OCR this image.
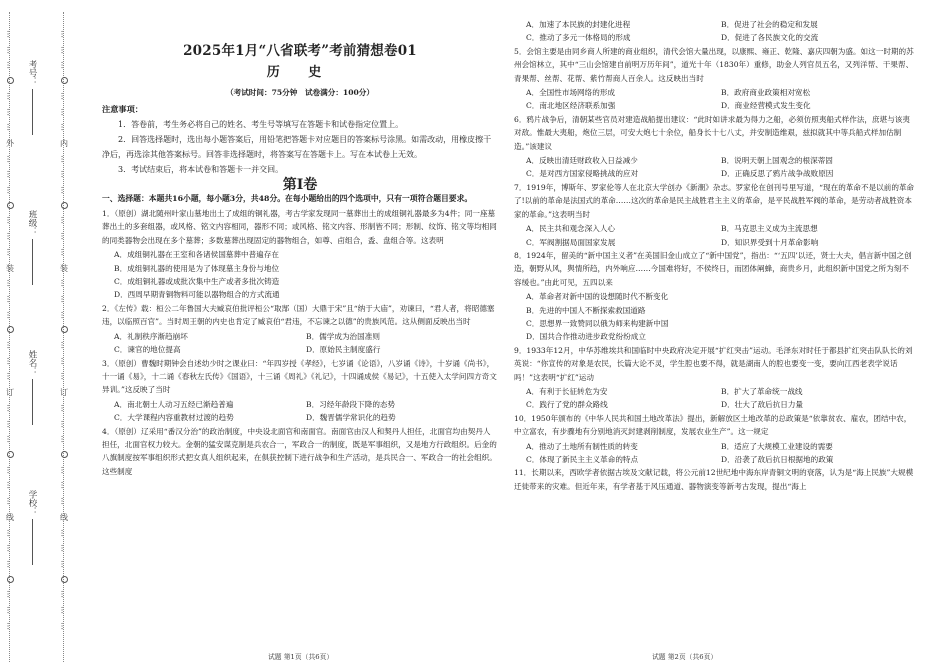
…
…
…
…
…
…
外
…
…
…
…
…
…
装
…
…
…
…
…
…
订
…
…
…
…
…
…
线
…
…
…
…
…
…
…
…
…
…
…
…
内
…
…
…
…
…
…
装
…
…
…
…
…
…
订
…
…
…
…
…
…
线
…
…
…
…
…
…
考号：
班级：
姓名：
学校：
2025年1月“八省联考”考前猜想卷01
历 史
（考试时间：75分钟　试卷满分：100分）
注意事项：

1．答卷前，考生务必将自己的姓名、考生号等填写在答题卡和试卷指定位置上。

2．回答选择题时，选出每小题答案后，用铅笔把答题卡对应题目的答案标号涂黑。如需改动，用橡皮擦干净后，再选涂其他答案标号。回答非选择题时，将答案写在答题卡上。写在本试卷上无效。

3．考试结束后，将本试卷和答题卡一并交回。

第Ⅰ卷
一、选择题：本题共16小题，每小题3分，共48分。在每小题给出的四个选项中，只有一项符合题目要求。
1．（原创）湖北随州叶家山墓地出土了成组的铜礼器，考古学家发现同一墓葬出土的成组铜礼器最多为4件；同一座墓葬出土的多套组器，或风格、铭文内容相同，器形不同；或风格、铭文内容、形制皆不同；形制、纹饰、铭文等均相同的同类器物会出现在多个墓葬；多数墓葬出现固定的器物组合，如尊、卣组合，盉、盘组合等。这表明
A．成组铜礼器在王室和各诸侯国墓葬中普遍存在
B．成组铜礼器的使用是为了体现墓主身份与地位
C．成组铜礼器或成批次集中生产或者多批次铸造
D．西周早期青铜物料可能以器物组合的方式流通
2．《左传》载：桓公二年鲁国大夫臧哀伯批评桓公“取郜（国）大鼎于宋”且“纳于大庙”，劝谏曰，“君人者，将昭德塞违，以临照百官”。当时周王朝的内史也肯定了臧哀伯“君违，不忘谏之以德”的贵族风范。这从侧面反映出当时
A．礼制秩序渐趋崩坏	B．儒学成为治国准则
C．谏官的地位提高	D．原始民主制度盛行
3．（原创）曹魏时期钟会自述幼少时之课业曰：“年四岁授《孝经》，七岁诵《论语》，八岁诵《诗》，十岁诵《尚书》，十一诵《易》，十二诵《春秋左氏传》《国语》，十三诵《周礼》《礼记》，十四诵成侯《易记》，十五使入太学问四方奇文异训。”这反映了当时
A．南北朝士人动习五经已渐趋普遍	B．习经年龄段下降的态势
C．大学课程内容重教材过渡的趋势	D．魏晋儒学常识化的趋势
4．（原创）辽采用“番汉分治”的政治制度，中央设北面官和南面官。南面官由汉人和契丹人担任，北面官均由契丹人担任，北面官权力较大。金朝的猛安谋克制是兵农合一，军政合一的制度，既是军事组织，又是地方行政组织。后金的八旗制度按军事组织形式把女真人组织起来，在俱获控制下进行战争和生产活动，是兵民合一、军政合一的社会组织。这些制度
A．加速了本民族的封建化进程	B．促进了社会的稳定和发展
C．推动了多元一体格局的形成	D．促进了各民族文化的交流
5．会馆主要是由同乡商人所建的商业组织，清代会馆大量出现，以康熙、雍正、乾隆、嘉庆四朝为盛。如这一时期的苏州会馆林立，其中“三山会馆建自前明万历年间”，道光十年（1830年）重修，助金人列官员五名，又列洋帮、干果帮、青果帮、丝帮、花帮、紫竹帮商人百余人。这反映出当时
A．全国性市场网络的形成	B．政府商业政策相对宽松
C．南北地区经济联系加强	D．商业经营模式发生变化
6．鸦片战争后，清朝某些官员对建造战船提出建议：“此时如讲求最为得力之船，必须仿照夷船式样作法，庶堪与该夷对敌。惟最大夷船，炮位三层，可安大炮七十余位，船身长十七八丈，并安制造维艰，兹拟就其中等兵船式样加估制造。”该建议
A．反映出清廷财政收入日益减少	B．说明天朝上国观念的根深蒂固
C．是对西方国家侵略挑战的应对	D．正确反思了鸦片战争战败原因
7．1919年，博斯年、罗家伦等人在北京大学创办《新潮》杂志。罗家伦在创刊号里写道，“现在的革命不是以前的革命了!以前的革命是法国式的革命……这次的革命是民主战胜君主主义的革命，是平民战胜军阀的革命，是劳动者战胜资本家的革命。”这表明当时
A．民主共和观念深入人心	B．马克思主义成为主流思想
C．军阀割据局面国家发展	D．知识界受到十月革命影响
8．1924年，留美的“新中国主义者”在美国旧金山成立了“新中国党”，指出：“‘五四’以还，贤士大夫，倡言新中国之创造，朝野从风，舆情所趋，内外响应……今国难将好，不侯终日，而团体阐蜂，商贵乡月，此组织新中国党之所为刻不容缓也。”由此可见，五四以来
A．革命者对新中国的设想随时代不断变化
B．先进的中国人不断探索救国道路
C．思想界一致赞同以俄为师来构建新中国
D．国共合作推动进步政党纷纷成立
9．1933年12月，中华苏维埃共和国临时中央政府决定开展“扩红突击”运动。毛泽东对时任于都县扩红突击队队长的刘英说：“你宣传的对象是农民，长篇大论不灵，学生腔也要不得，就是湖南人的腔也要变一变，要向江西老表学说话吗！”这表明“扩红”运动
A．有利于长征转危为安	B．扩大了革命统一战线
C．践行了党的群众路线	D．壮大了敌后抗日力量
10．1950年颁布的《中华人民共和国土地改革法》提出，新解放区土地改革的总政策是“依靠贫农、雇农，团结中农，中立富农，有步骤地有分别地消灭封建剥削制度，发展农业生产”。这一规定
A．推动了土地所有制性质的转变	B．适应了大规模工业建设的需要
C．体现了新民主主义革命的特点	D．沿袭了敌后抗日根据地的政策
11．长期以来，西欧学者依据古埃及文献记载，将公元前12世纪地中海东岸青铜文明的衰落，认为是“海上民族”大规模迁徙带来的灾难。但近年来，有学者基于风压通道、器物演变等新考古发现，提出“海上
试题 第1页（共6页）	试题 第2页（共6页）
